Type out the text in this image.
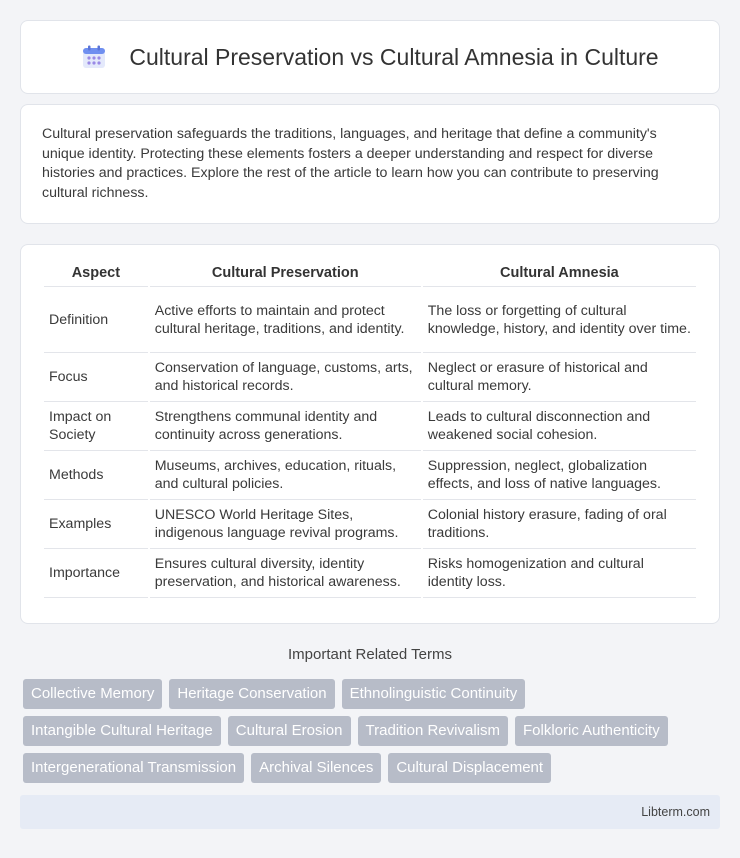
Cultural Preservation vs Cultural Amnesia in Culture

Cultural preservation safeguards the traditions, languages, and heritage that define a community's unique identity. Protecting these elements fosters a deeper understanding and respect for diverse histories and practices. Explore the rest of the article to learn how you can contribute to preserving cultural richness.

Aspect	Cultural Preservation	Cultural Amnesia
Definition	Active efforts to maintain and protect cultural heritage, traditions, and identity.	The loss or forgetting of cultural knowledge, history, and identity over time.
Focus	Conservation of language, customs, arts, and historical records.	Neglect or erasure of historical and cultural memory.
Impact on Society	Strengthens communal identity and continuity across generations.	Leads to cultural disconnection and weakened social cohesion.
Methods	Museums, archives, education, rituals, and cultural policies.	Suppression, neglect, globalization effects, and loss of native languages.
Examples	UNESCO World Heritage Sites, indigenous language revival programs.	Colonial history erasure, fading of oral traditions.
Importance	Ensures cultural diversity, identity preservation, and historical awareness.	Risks homogenization and cultural identity loss.
Important Related Terms
Collective Memory	Heritage Conservation	Ethnolinguistic Continuity
Intangible Cultural Heritage	Cultural Erosion	Tradition Revivalism	Folkloric Authenticity
Intergenerational Transmission	Archival Silences	Cultural Displacement
Libterm.com
